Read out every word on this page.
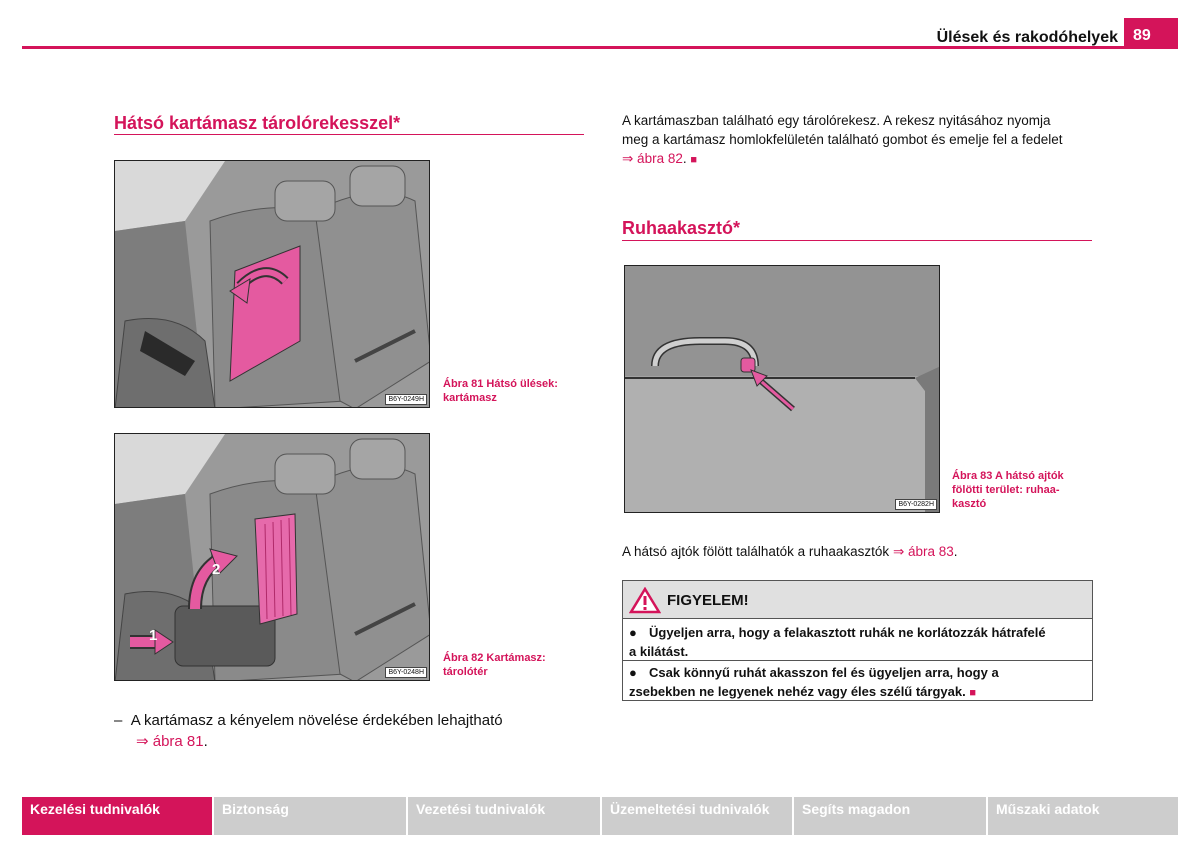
Ülések és rakodóhelyek 89
Hátsó kartámasz tárolórekesszel*
B6Y-0249H
Ábra 81 Hátsó ülések:
kartámasz
1
2
B6Y-0248H
Ábra 82 Kartámasz:
tárolótér
– A kartámasz a kényelem növelése érdekében lehajtható
⇒ ábra 81.
A kartámaszban található egy tárolórekesz. A rekesz nyitásához nyomja
meg a kartámasz homlokfelületén található gombot és emelje fel a fedelet
⇒ ábra 82. ■
Ruhaakasztó*
B6Y-0282H
Ábra 83 A hátsó ajtók
fölötti terület: ruhaa-
kasztó
A hátsó ajtók fölött találhatók a ruhaakasztók ⇒ ábra 83.
FIGYELEM!
● Ügyeljen arra, hogy a felakasztott ruhák ne korlátozzák hátrafelé
a kilátást.
● Csak könnyű ruhát akasszon fel és ügyeljen arra, hogy a
zsebekben ne legyenek nehéz vagy éles szélű tárgyak. ■
Kezelési tudnivalók	Biztonság	Vezetési tudnivalók	Üzemeltetési tudnivalók	Segíts magadon	Műszaki adatok
